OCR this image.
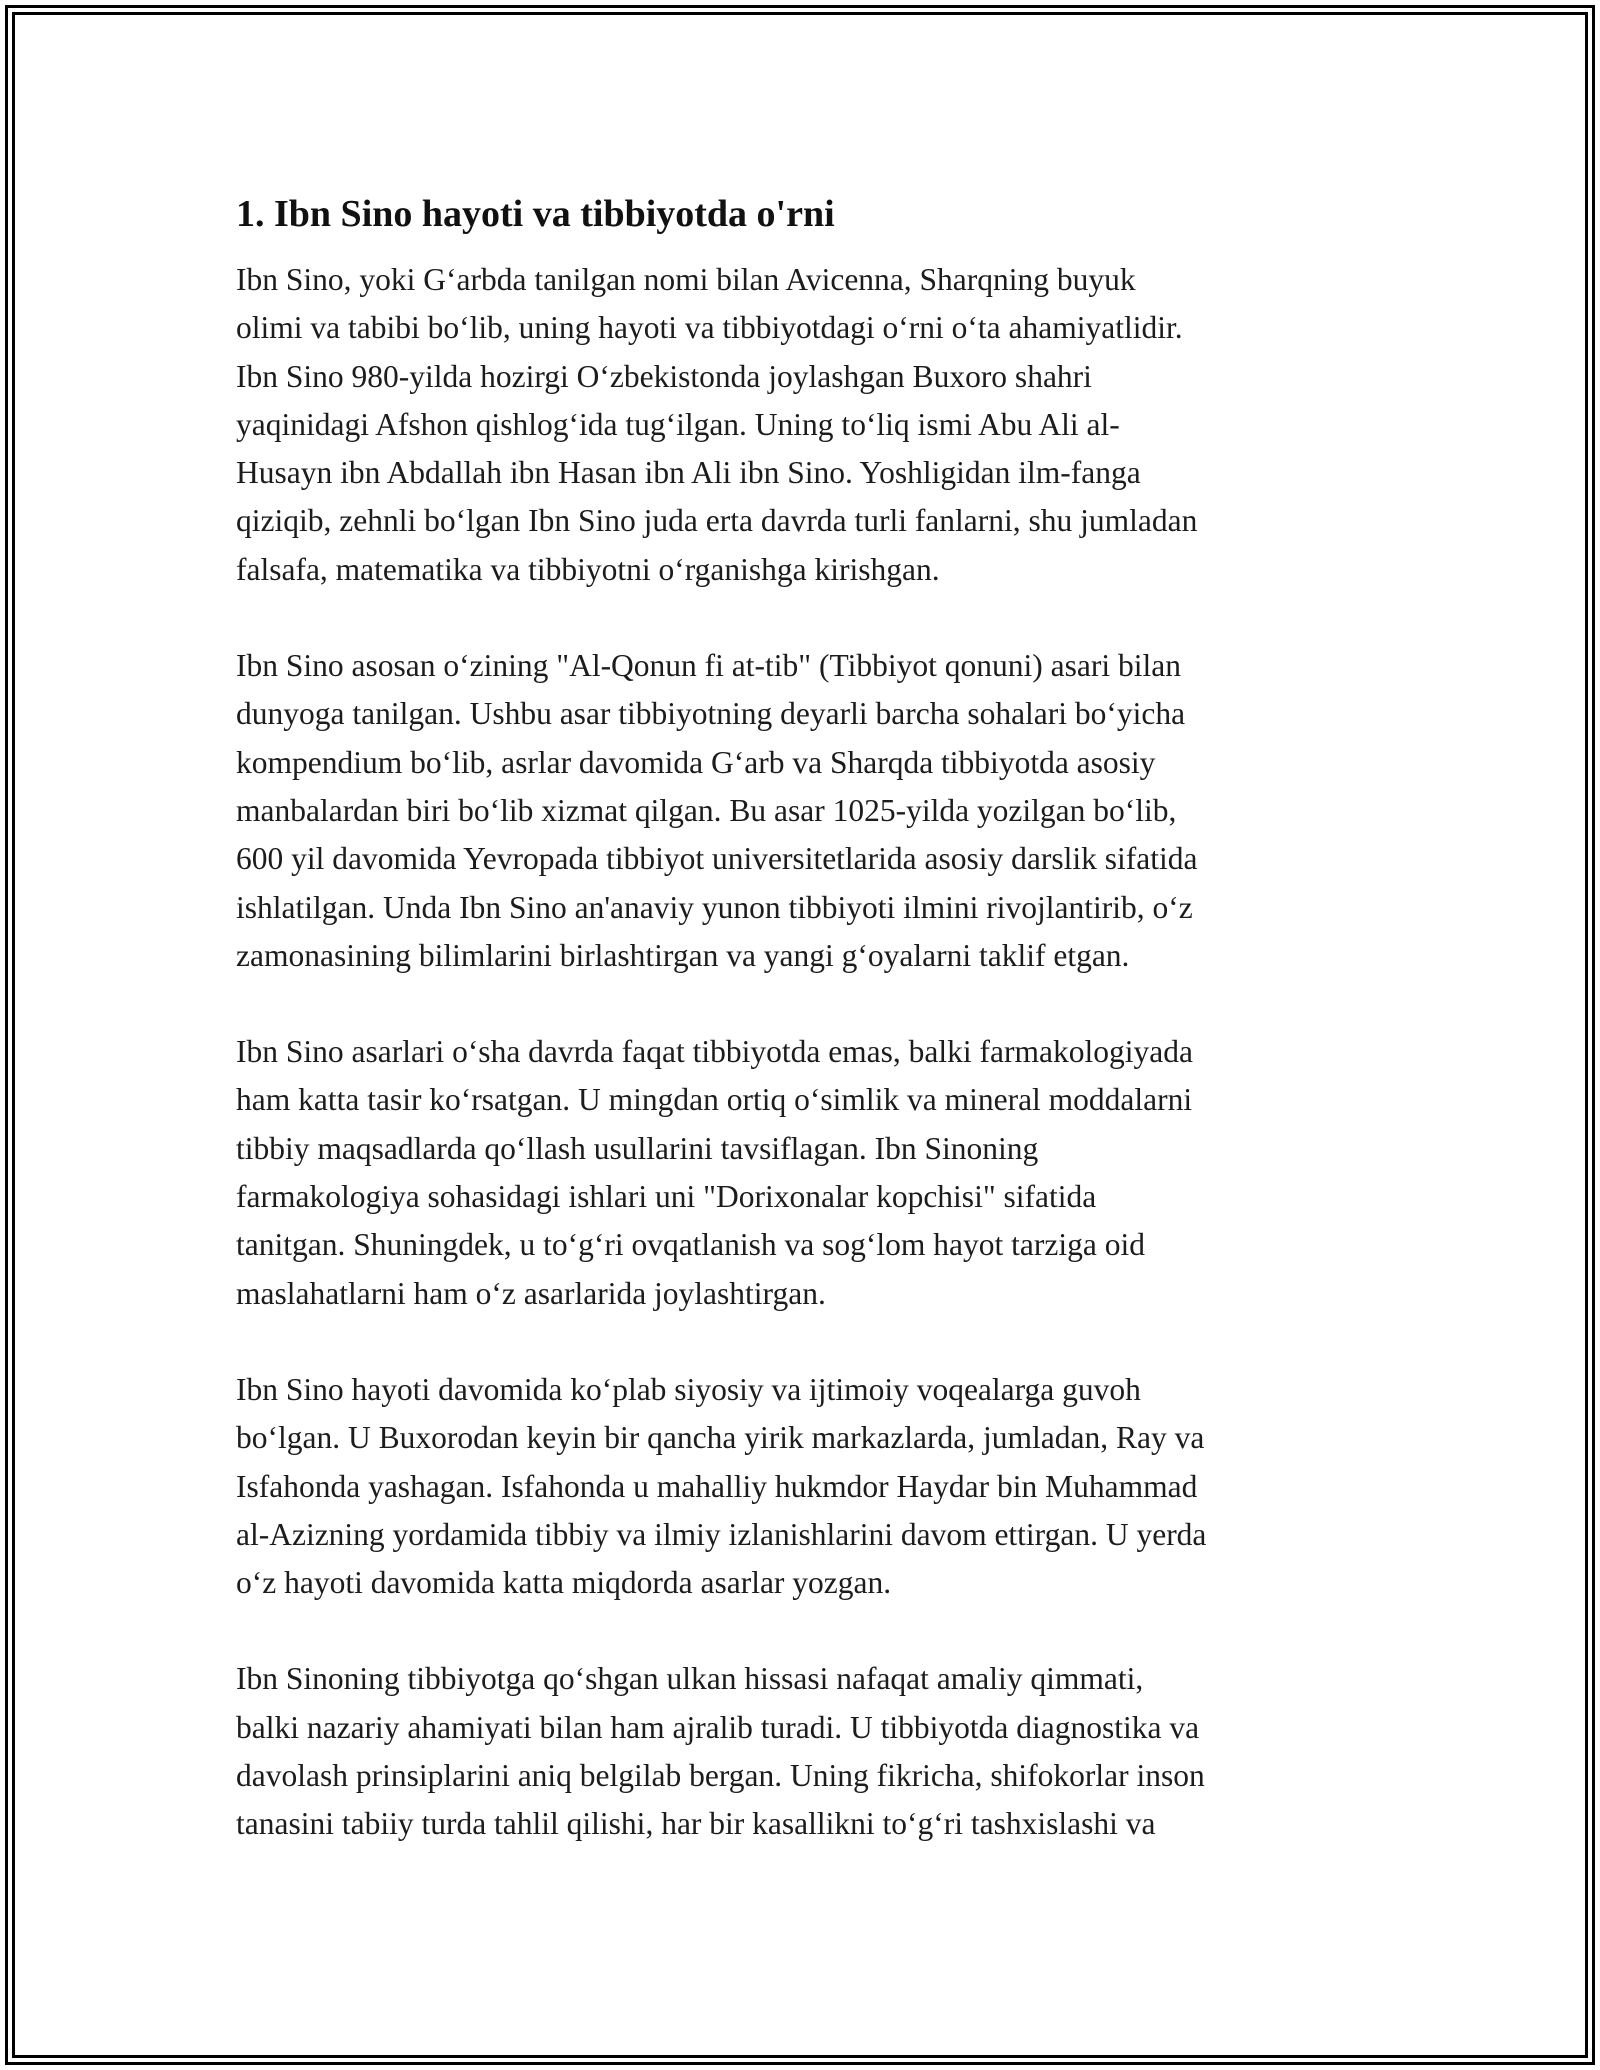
1. Ibn Sino hayoti va tibbiyotda o'rni

Ibn Sino, yoki G‘arbda tanilgan nomi bilan Avicenna, Sharqning buyuk
olimi va tabibi bo‘lib, uning hayoti va tibbiyotdagi o‘rni o‘ta ahamiyatlidir.
Ibn Sino 980-yilda hozirgi O‘zbekistonda joylashgan Buxoro shahri
yaqinidagi Afshon qishlog‘ida tug‘ilgan. Uning to‘liq ismi Abu Ali al-
Husayn ibn Abdallah ibn Hasan ibn Ali ibn Sino. Yoshligidan ilm-fanga
qiziqib, zehnli bo‘lgan Ibn Sino juda erta davrda turli fanlarni, shu jumladan
falsafa, matematika va tibbiyotni o‘rganishga kirishgan.

Ibn Sino asosan o‘zining "Al-Qonun fi at-tib" (Tibbiyot qonuni) asari bilan
dunyoga tanilgan. Ushbu asar tibbiyotning deyarli barcha sohalari bo‘yicha
kompendium bo‘lib, asrlar davomida G‘arb va Sharqda tibbiyotda asosiy
manbalardan biri bo‘lib xizmat qilgan. Bu asar 1025-yilda yozilgan bo‘lib,
600 yil davomida Yevropada tibbiyot universitetlarida asosiy darslik sifatida
ishlatilgan. Unda Ibn Sino an'anaviy yunon tibbiyoti ilmini rivojlantirib, o‘z
zamonasining bilimlarini birlashtirgan va yangi g‘oyalarni taklif etgan.

Ibn Sino asarlari o‘sha davrda faqat tibbiyotda emas, balki farmakologiyada
ham katta tasir ko‘rsatgan. U mingdan ortiq o‘simlik va mineral moddalarni
tibbiy maqsadlarda qo‘llash usullarini tavsiflagan. Ibn Sinoning
farmakologiya sohasidagi ishlari uni "Dorixonalar kopchisi" sifatida
tanitgan. Shuningdek, u to‘g‘ri ovqatlanish va sog‘lom hayot tarziga oid
maslahatlarni ham o‘z asarlarida joylashtirgan.

Ibn Sino hayoti davomida ko‘plab siyosiy va ijtimoiy voqealarga guvoh
bo‘lgan. U Buxorodan keyin bir qancha yirik markazlarda, jumladan, Ray va
Isfahonda yashagan. Isfahonda u mahalliy hukmdor Haydar bin Muhammad
al-Azizning yordamida tibbiy va ilmiy izlanishlarini davom ettirgan. U yerda
o‘z hayoti davomida katta miqdorda asarlar yozgan.

Ibn Sinoning tibbiyotga qo‘shgan ulkan hissasi nafaqat amaliy qimmati,
balki nazariy ahamiyati bilan ham ajralib turadi. U tibbiyotda diagnostika va
davolash prinsiplarini aniq belgilab bergan. Uning fikricha, shifokorlar inson
tanasini tabiiy turda tahlil qilishi, har bir kasallikni to‘g‘ri tashxislashi va
